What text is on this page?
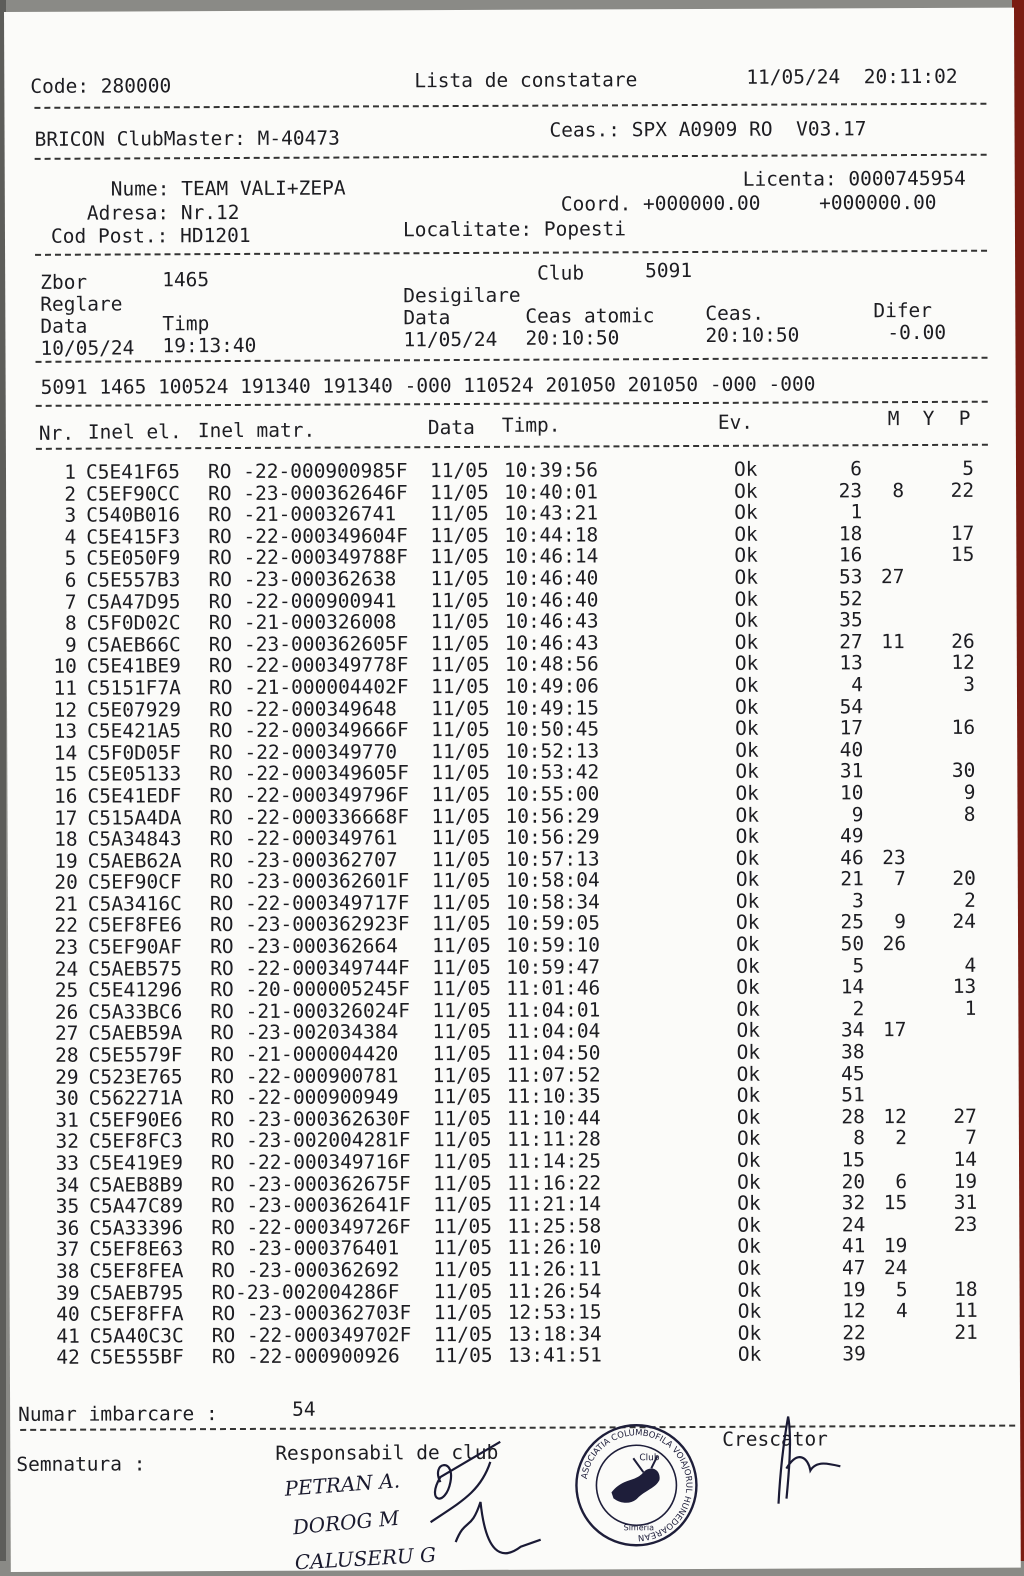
Code: 280000	Lista de constatare	11/05/24  20:11:02
BRICON ClubMaster: M-40473	Ceas.: SPX A0909 RO  V03.17
Nume: TEAM VALI+ZEPA	Licenta: 0000745954
Adresa: Nr.12	Coord. +000000.00     +000000.00
Cod Post.: HD1201	Localitate: Popesti
Zbor	1465	Club	5091
Reglare	Desigilare
Data	Timp	Data	Ceas atomic	Ceas.	Difer
10/05/24 19:13:40	11/05/24 20:10:50	20:10:50	-0.00
5091 1465 100524 191340 191340 -000 110524 201050 201050 -000 -000
Nr. Inel el. Inel matr.	Data Timp.	Ev.	M Y P
1 C5E41F65 RO -22-000900985F 11/05 10:39:56	Ok	6	5
2 C5EF90CC RO -23-000362646F 11/05 10:40:01	Ok	23 8 22
3 C540B016 RO -21-000326741 11/05 10:43:21	Ok	1
4 C5E415F3 RO -22-000349604F 11/05 10:44:18	Ok	18	17
5 C5E050F9 RO -22-000349788F 11/05 10:46:14	Ok	16	15
6 C5E557B3 RO -23-000362638 11/05 10:46:40	Ok	53 27
7 C5A47D95 RO -22-000900941 11/05 10:46:40	Ok	52
8 C5F0D02C RO -21-000326008 11/05 10:46:43	Ok	35
9 C5AEB66C RO -23-000362605F 11/05 10:46:43	Ok	27 11 26
10 C5E41BE9 RO -22-000349778F 11/05 10:48:56	Ok	13	12
11 C5151F7A RO -21-000004402F 11/05 10:49:06	Ok	4	3
12 C5E07929 RO -22-000349648 11/05 10:49:15	Ok	54
13 C5E421A5 RO -22-000349666F 11/05 10:50:45	Ok	17	16
14 C5F0D05F RO -22-000349770 11/05 10:52:13	Ok	40
15 C5E05133 RO -22-000349605F 11/05 10:53:42	Ok	31	30
16 C5E41EDF RO -22-000349796F 11/05 10:55:00	Ok	10	9
17 C515A4DA RO -22-000336668F 11/05 10:56:29	Ok	9	8
18 C5A34843 RO -22-000349761 11/05 10:56:29	Ok	49
19 C5AEB62A RO -23-000362707 11/05 10:57:13	Ok	46 23
20 C5EF90CF RO -23-000362601F 11/05 10:58:04	Ok	21 7 20
21 C5A3416C RO -22-000349717F 11/05 10:58:34	Ok	3	2
22 C5EF8FE6 RO -23-000362923F 11/05 10:59:05	Ok	25 9 24
23 C5EF90AF RO -23-000362664 11/05 10:59:10	Ok	50 26
24 C5AEB575 RO -22-000349744F 11/05 10:59:47	Ok	5	4
25 C5E41296 RO -20-000005245F 11/05 11:01:46	Ok	14	13
26 C5A33BC6 RO -21-000326024F 11/05 11:04:01	Ok	2	1
27 C5AEB59A RO -23-002034384 11/05 11:04:04	Ok	34 17
28 C5E5579F RO -21-000004420 11/05 11:04:50	Ok	38
29 C523E765 RO -22-000900781 11/05 11:07:52	Ok	45
30 C562271A RO -22-000900949 11/05 11:10:35	Ok	51
31 C5EF90E6 RO -23-000362630F 11/05 11:10:44	Ok	28 12 27
32 C5EF8FC3 RO -23-002004281F 11/05 11:11:28	Ok	8 2	7
33 C5E419E9 RO -22-000349716F 11/05 11:14:25	Ok	15	14
34 C5AEB8B9 RO -23-000362675F 11/05 11:16:22	Ok	20 6 19
35 C5A47C89 RO -23-000362641F 11/05 11:21:14	Ok	32 15 31
36 C5A33396 RO -22-000349726F 11/05 11:25:58	Ok	24	23
37 C5EF8E63 RO -23-000376401 11/05 11:26:10	Ok	41 19
38 C5EF8FEA RO -23-000362692 11/05 11:26:11	Ok	47 24
39 C5AEB795 RO-23-002004286F 11/05 11:26:54	Ok	19 5 18
40 C5EF8FFA RO -23-000362703F 11/05 12:53:15	Ok	12 4 11
41 C5A40C3C RO -22-000349702F 11/05 13:18:34	Ok	22	21
42 C5E555BF RO -22-000900926 11/05 13:41:51	Ok	39
Numar imbarcare :	54
Semnatura :	Responsabil de club
Crescator
PETRAN A.
DOROG M
CALUSERU G
ASOCIATIA COLUMBOFILA VOIAJORUL HUNEDOAREAN
Club
Simeria
